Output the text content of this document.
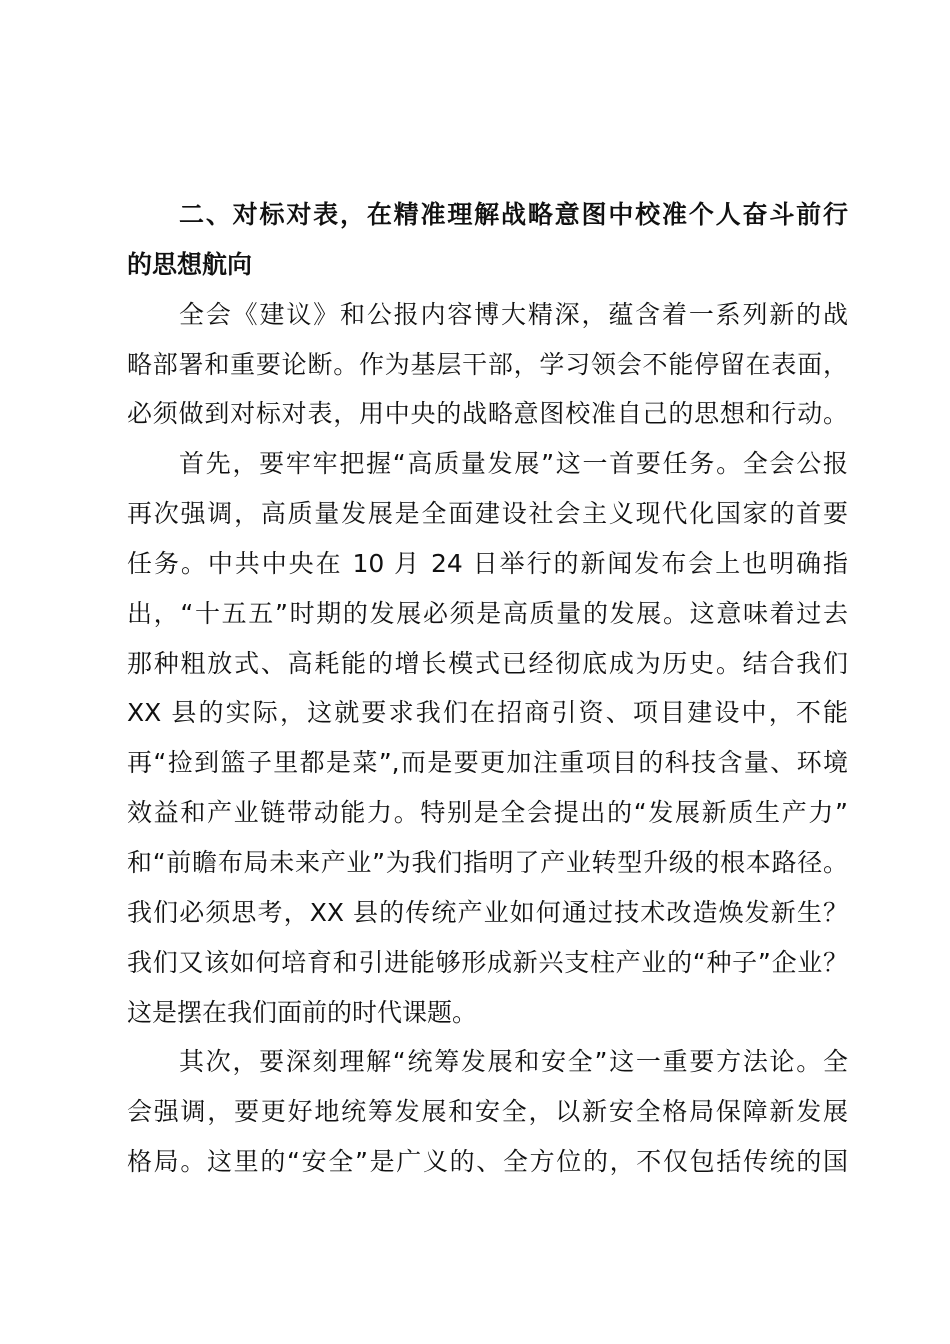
二、对标对表，在精准理解战略意图中校准个人奋斗前行
的思想航向
全会《建议》和公报内容博大精深，蕴含着一系列新的战
略部署和重要论断。作为基层干部，学习领会不能停留在表面，
必须做到对标对表，用中央的战略意图校准自己的思想和行动。
首先，要牢牢把握“高质量发展”这一首要任务。全会公报
再次强调，高质量发展是全面建设社会主义现代化国家的首要
任务。中共中央在 10 月 24 日举行的新闻发布会上也明确指
出，“十五五”时期的发展必须是高质量的发展。这意味着过去
那种粗放式、高耗能的增长模式已经彻底成为历史。结合我们
XX 县的实际，这就要求我们在招商引资、项目建设中，不能
再“捡到篮子里都是菜”,而是要更加注重项目的科技含量、环境
效益和产业链带动能力。特别是全会提出的“发展新质生产力”
和“前瞻布局未来产业”为我们指明了产业转型升级的根本路径。
我们必须思考，XX 县的传统产业如何通过技术改造焕发新生？
我们又该如何培育和引进能够形成新兴支柱产业的“种子”企业？
这是摆在我们面前的时代课题。
其次，要深刻理解“统筹发展和安全”这一重要方法论。全
会强调，要更好地统筹发展和安全，以新安全格局保障新发展
格局。这里的“安全”是广义的、全方位的，不仅包括传统的国
